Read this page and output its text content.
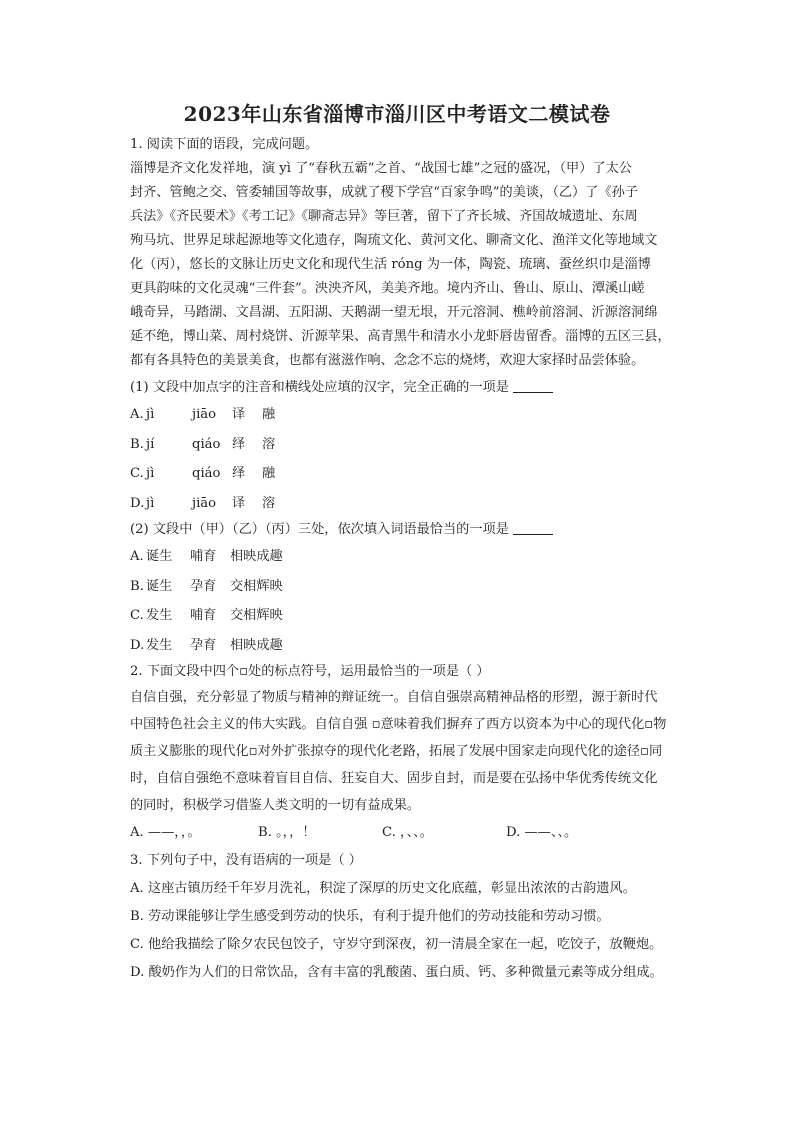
2023年山东省淄博市淄川区中考语文二模试卷
1. 阅读下面的语段，完成问题。
淄博是齐文化发祥地，演 yì 了“春秋五霸”之首、“战国七雄”之冠的盛况，（甲）了太公
封齐、管鲍之交、管委辅国等故事，成就了稷下学宫“百家争鸣”的美谈，（乙）了《孙子
兵法》《齐民要术》《考工记》《聊斋志异》等巨著，留下了齐长城、齐国故城遗址、东周
殉马坑、世界足球起源地等文化遗存，陶琉文化、黄河文化、聊斋文化、渔洋文化等地域文
化（丙），悠长的文脉让历史文化和现代生活 róng 为一体，陶瓷、琉璃、蚕丝织巾是淄博
更具韵味的文化灵魂“三件套”。泱泱齐风，美美齐地。境内齐山、鲁山、原山、潭溪山嵯
峨奇异，马踏湖、文昌湖、五阳湖、天鹅湖一望无垠，开元溶洞、樵岭前溶洞、沂源溶洞绵
延不绝，博山菜、周村烧饼、沂源苹果、高青黑牛和清水小龙虾唇齿留香。淄博的五区三县，
都有各具特色的美景美食，也都有滋滋作响、念念不忘的烧烤，欢迎大家择时品尝体验。
(1) 文段中加点字的注音和横线处应填的汉字，完全正确的一项是
A. jì	jiāo 译 融
B. jí	qiáo 绎 溶
C. jì	qiáo 绎 融
D. jì	jiāo 译 溶
(2) 文段中（甲）（乙）（丙）三处，依次填入词语最恰当的一项是
A. 诞生 哺育 相映成趣
B. 诞生 孕育 交相辉映
C. 发生 哺育 交相辉映
D. 发生 孕育 相映成趣
2. 下面文段中四个▫处的标点符号，运用最恰当的一项是（ ）
自信自强，充分彰显了物质与精神的辩证统一。自信自强崇高精神品格的形塑，源于新时代
中国特色社会主义的伟大实践。自信自强 ▫意味着我们摒弃了西方以资本为中心的现代化▫物
质主义膨胀的现代化▫对外扩张掠夺的现代化老路，拓展了发展中国家走向现代化的途径▫同
时，自信自强绝不意味着盲目自信、狂妄自大、固步自封，而是要在弘扬中华优秀传统文化
的同时，积极学习借鉴人类文明的一切有益成果。
A. ——，，。	B. 。，，！	C. ，、、。	D. ——、、。
3. 下列句子中，没有语病的一项是（ ）
A. 这座古镇历经千年岁月洗礼，积淀了深厚的历史文化底蕴，彰显出浓浓的古韵遗风。
B. 劳动课能够让学生感受到劳动的快乐，有利于提升他们的劳动技能和劳动习惯。
C. 他给我描绘了除夕农民包饺子，守岁守到深夜，初一清晨全家在一起，吃饺子，放鞭炮。
D. 酸奶作为人们的日常饮品，含有丰富的乳酸菌、蛋白质、钙、多种微量元素等成分组成。
